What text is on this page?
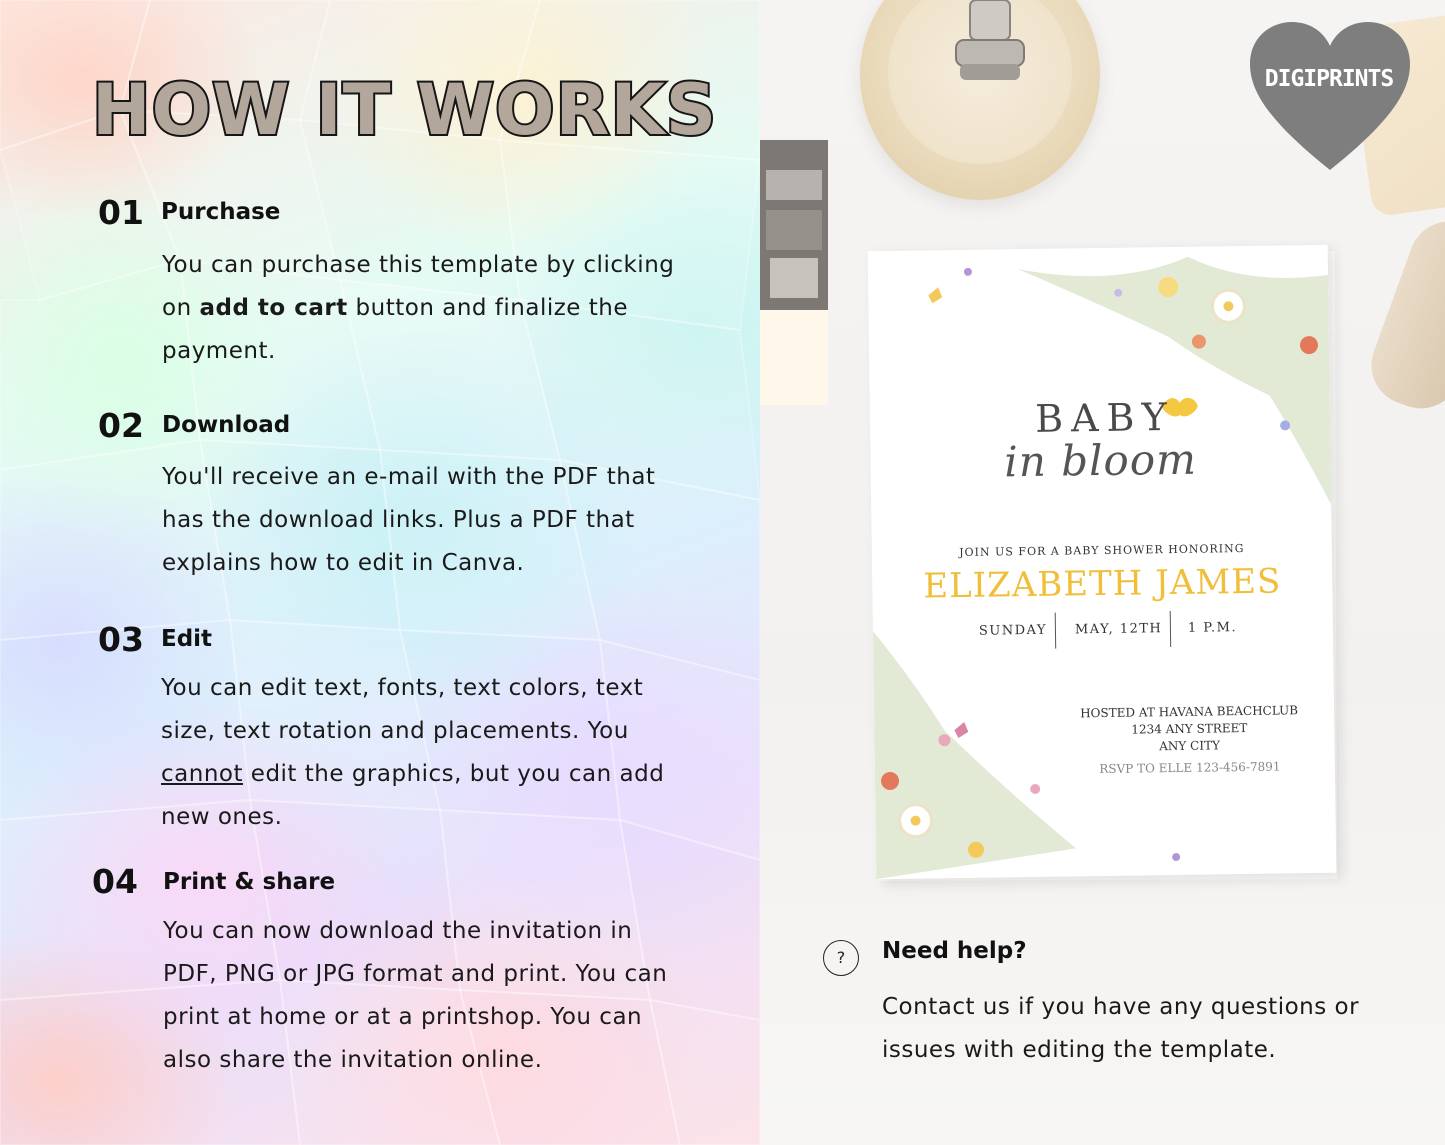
HOW IT WORKS
01 Purchase
You can purchase this template by clicking
on add to cart button and finalize the
payment.
02 Download
You'll receive an e-mail with the PDF that
has the download links. Plus a PDF that
explains how to edit in Canva.
03 Edit
You can edit text, fonts, text colors, text
size, text rotation and placements. You
cannot edit the graphics, but you can add
new ones.
04 Print & share
You can now download the invitation in
PDF, PNG or JPG format and print. You can
print at home or at a printshop. You can
also share the invitation online.
DIGIPRINTS
BABY
in bloom
JOIN US FOR A BABY SHOWER HONORING
ELIZABETH JAMES
SUNDAY MAY, 12TH 1 P.M.
HOSTED AT HAVANA BEACHCLUB
1234 ANY STREET
ANY CITY
RSVP TO ELLE 123-456-7891
?	Need help?
Contact us if you have any questions or
issues with editing the template.
